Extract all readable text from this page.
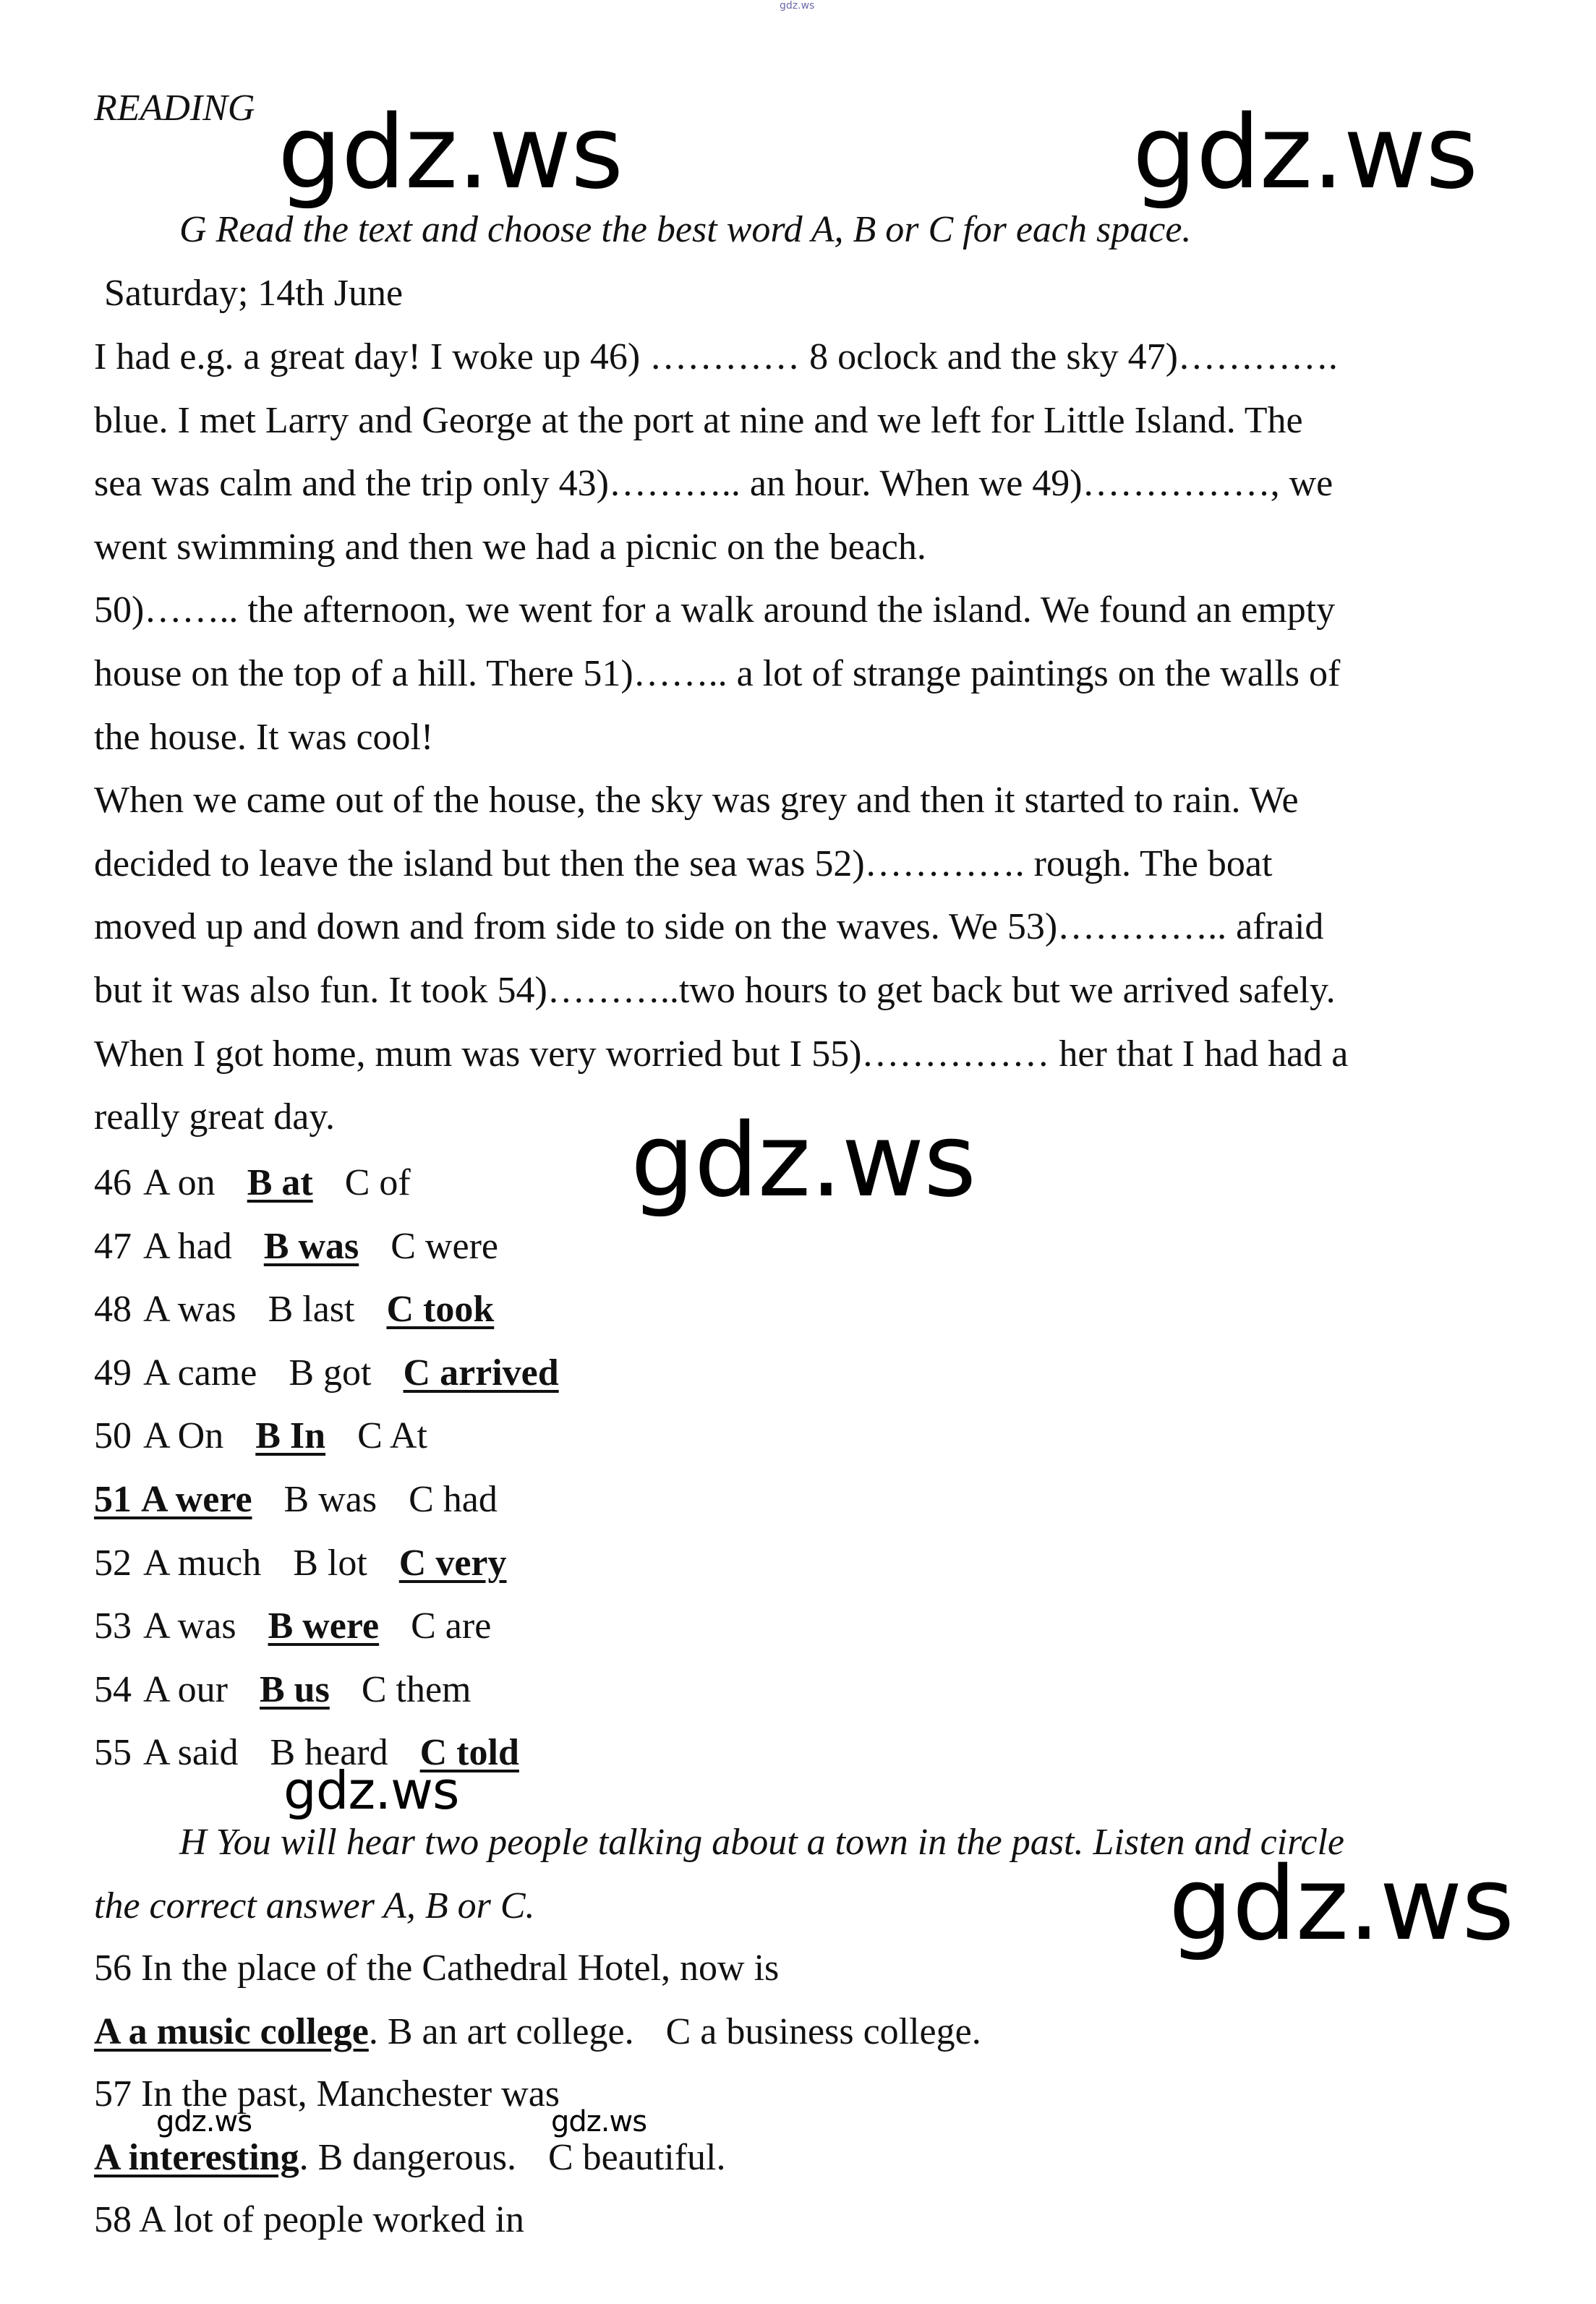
gdz.ws
READING gdz.ws	gdz.ws
G Read the text and choose the best word A, B or C for each space.
Saturday; 14th June
I had e.g. a great day! I woke up 46) ………… 8 oclock and the sky 47)………….
blue. I met Larry and George at the port at nine and we left for Little Island. The
sea was calm and the trip only 43)……….. an hour. When we 49)……………, we
went swimming and then we had a picnic on the beach.
50)…….. the afternoon, we went for a walk around the island. We found an empty
house on the top of a hill. There 51)…….. a lot of strange paintings on the walls of
the house. It was cool!
When we came out of the house, the sky was grey and then it started to rain. We
decided to leave the island but then the sea was 52)…………. rough. The boat
moved up and down and from side to side on the waves. We 53)………….. afraid
but it was also fun. It took 54)………..two hours to get back but we arrived safely.
When I got home, mum was very worried but I 55)…………… her that I had had a
really great day.	gdz.ws
46 A on B at C of
47 A had B was C were
48 A was B last C took
49 A came B got C arrived
50 A On B In C At
51 A were B was C had
52 A much B lot C very
53 A was B were C are
54 A our B us C them
55 A said B heard C told
gdz.ws
H You will hear two people talking about a town in the past. Listen and circle
the correct answer A, B or C.	gdz.ws
56 In the place of the Cathedral Hotel, now is
A a music college. B an art college. C a business college.
57 In the past, Manchester was
gdz.ws	gdz.ws
A interesting. B dangerous. C beautiful.
58 A lot of people worked in
